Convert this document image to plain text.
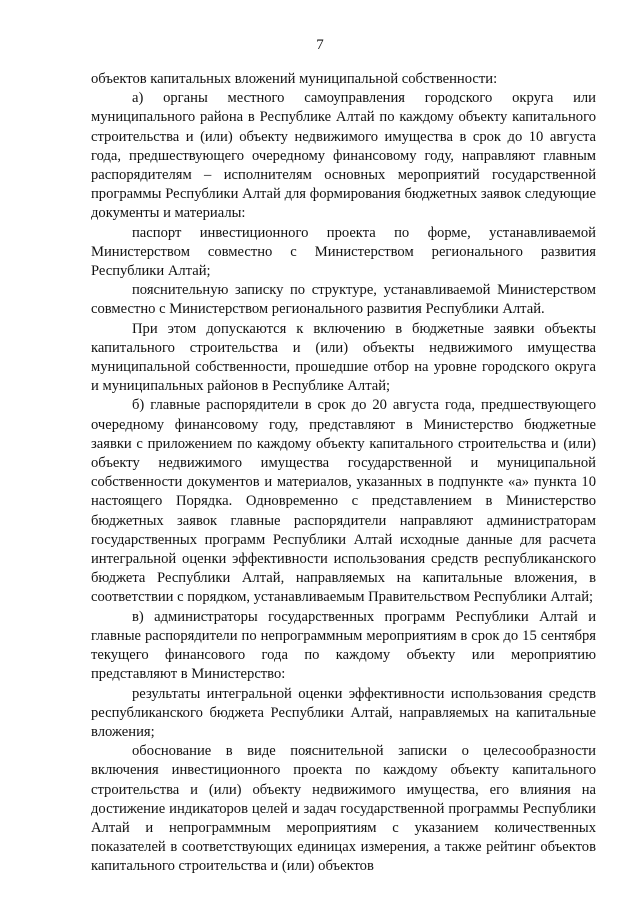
7

объектов капитальных вложений муниципальной собственности:

а) органы местного самоуправления городского округа или муниципального района в Республике Алтай по каждому объекту капитального строительства и (или) объекту недвижимого имущества в срок до 10 августа года, предшествующего очередному финансовому году, направляют главным распорядителям – исполнителям основных мероприятий государственной программы Республики Алтай для формирования бюджетных заявок следующие документы и материалы:

паспорт инвестиционного проекта по форме, устанавливаемой Министерством совместно с Министерством регионального развития Республики Алтай;

пояснительную записку по структуре, устанавливаемой Министерством совместно с Министерством регионального развития Республики Алтай.

При этом допускаются к включению в бюджетные заявки объекты капитального строительства и (или) объекты недвижимого имущества муниципальной собственности, прошедшие отбор на уровне городского округа и муниципальных районов в Республике Алтай;

б) главные распорядители в срок до 20 августа года, предшествующего очередному финансовому году, представляют в Министерство бюджетные заявки с приложением по каждому объекту капитального строительства и (или) объекту недвижимого имущества государственной и муниципальной собственности документов и материалов, указанных в подпункте «а» пункта 10 настоящего Порядка. Одновременно с представлением в Министерство бюджетных заявок главные распорядители направляют администраторам государственных программ Республики Алтай исходные данные для расчета интегральной оценки эффективности использования средств республиканского бюджета Республики Алтай, направляемых на капитальные вложения, в соответствии с порядком, устанавливаемым Правительством Республики Алтай;

в) администраторы государственных программ Республики Алтай и главные распорядители по непрограммным мероприятиям в срок до 15 сентября текущего финансового года по каждому объекту или мероприятию представляют в Министерство:

результаты интегральной оценки эффективности использования средств республиканского бюджета Республики Алтай, направляемых на капитальные вложения;

обоснование в виде пояснительной записки о целесообразности включения инвестиционного проекта по каждому объекту капитального строительства и (или) объекту недвижимого имущества, его влияния на достижение индикаторов целей и задач государственной программы Республики Алтай и непрограммным мероприятиям с указанием количественных показателей в соответствующих единицах измерения, а также рейтинг объектов капитального строительства и (или) объектов
